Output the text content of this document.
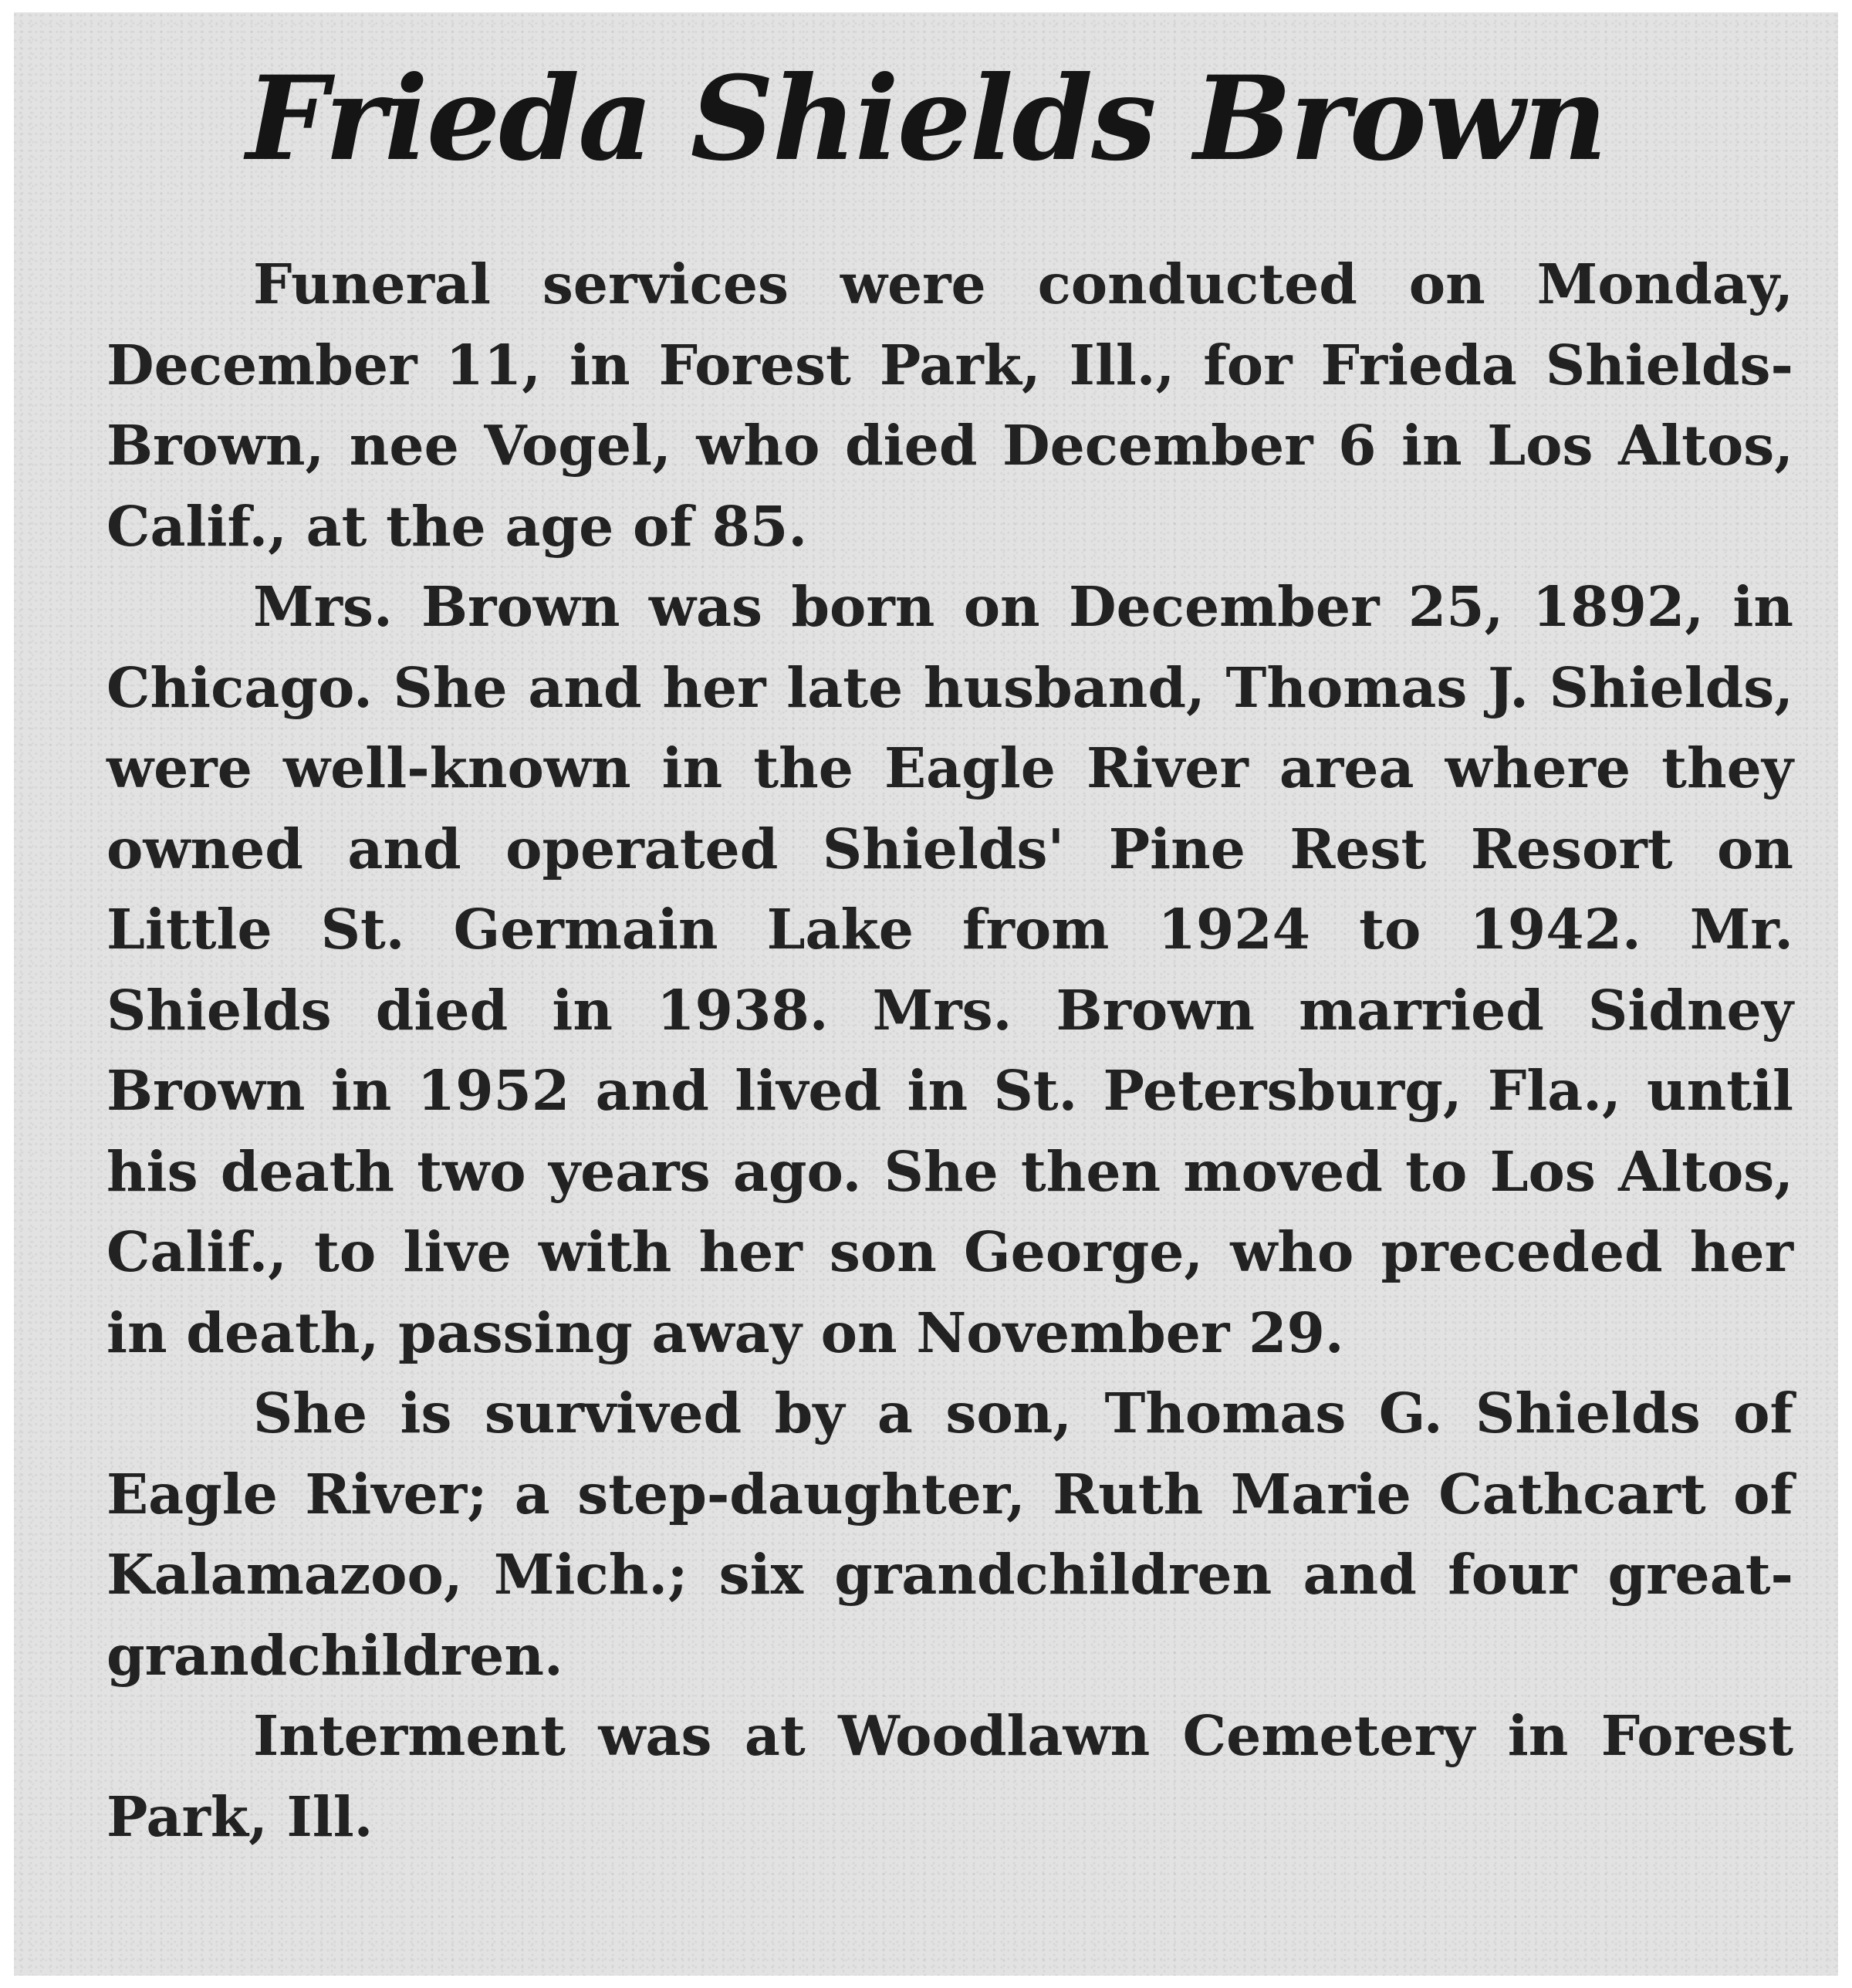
Frieda Shields Brown

Funeral services were conducted on Monday, December 11, in Forest Park, Ill., for Frieda Shields-Brown, nee Vogel, who died December 6 in Los Altos, Calif., at the age of 85.

Mrs. Brown was born on December 25, 1892, in Chicago. She and her late husband, Thomas J. Shields, were well-known in the Eagle River area where they owned and operated Shields' Pine Rest Resort on Little St. Germain Lake from 1924 to 1942. Mr. Shields died in 1938. Mrs. Brown married Sidney Brown in 1952 and lived in St. Petersburg, Fla., until his death two years ago. She then moved to Los Altos, Calif., to live with her son George, who preceded her in death, passing away on November 29.

She is survived by a son, Thomas G. Shields of Eagle River; a step-daughter, Ruth Marie Cathcart of Kalamazoo, Mich.; six grandchildren and four great-grandchildren.

Interment was at Woodlawn Cemetery in Forest Park, Ill.
